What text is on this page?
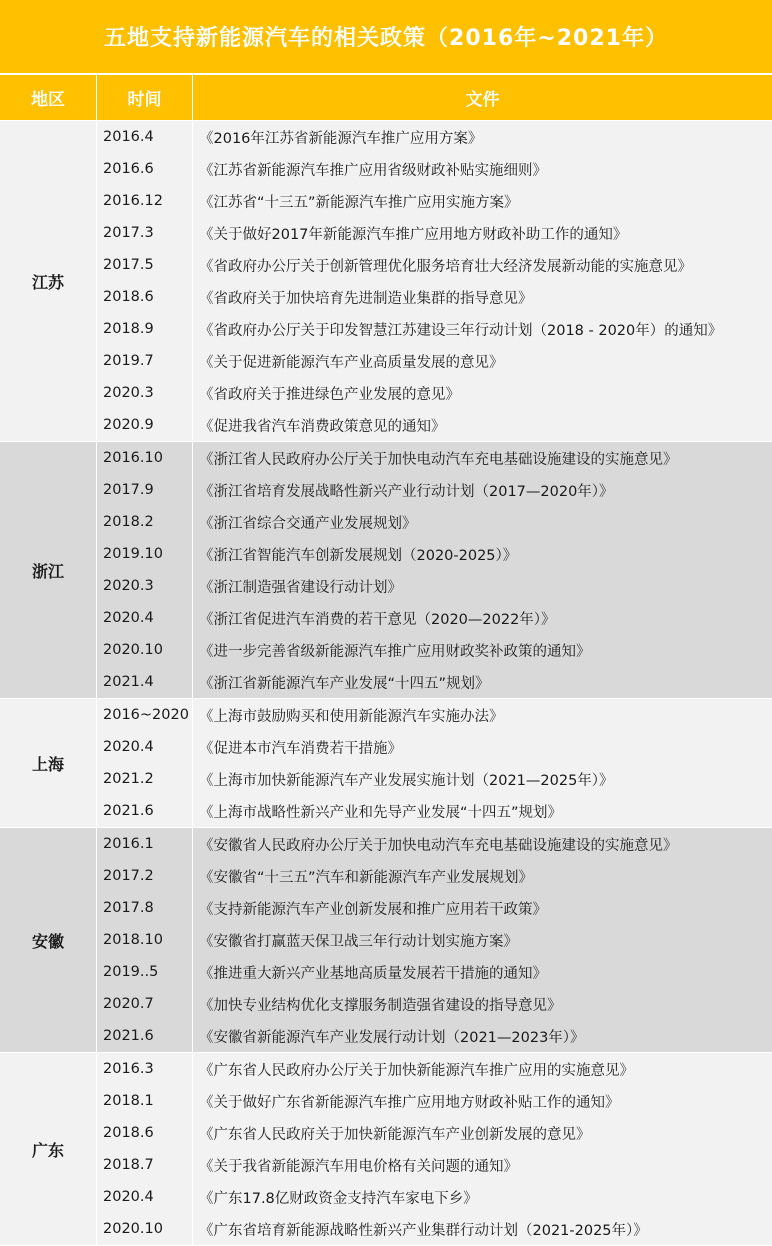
五地支持新能源汽车的相关政策（2016年~2021年）
地区	时间	文件
江苏
2016.4	《2016年江苏省新能源汽车推广应用方案》
2016.6	《江苏省新能源汽车推广应用省级财政补贴实施细则》
2016.12	《江苏省“十三五”新能源汽车推广应用实施方案》
2017.3	《关于做好2017年新能源汽车推广应用地方财政补助工作的通知》
2017.5	《省政府办公厅关于创新管理优化服务培育壮大经济发展新动能的实施意见》
2018.6	《省政府关于加快培育先进制造业集群的指导意见》
2018.9	《省政府办公厅关于印发智慧江苏建设三年行动计划（2018 - 2020年）的通知》
2019.7	《关于促进新能源汽车产业高质量发展的意见》
2020.3	《省政府关于推进绿色产业发展的意见》
2020.9	《促进我省汽车消费政策意见的通知》
浙江
2016.10	《浙江省人民政府办公厅关于加快电动汽车充电基础设施建设的实施意见》
2017.9	《浙江省培育发展战略性新兴产业行动计划（2017—2020年）》
2018.2	《浙江省综合交通产业发展规划》
2019.10	《浙江省智能汽车创新发展规划（2020-2025）》
2020.3	《浙江制造强省建设行动计划》
2020.4	《浙江省促进汽车消费的若干意见（2020—2022年）》
2020.10	《进一步完善省级新能源汽车推广应用财政奖补政策的通知》
2021.4	《浙江省新能源汽车产业发展“十四五”规划》
上海
2016~2020 《上海市鼓励购买和使用新能源汽车实施办法》
2020.4	《促进本市汽车消费若干措施》
2021.2	《上海市加快新能源汽车产业发展实施计划（2021—2025年）》
2021.6	《上海市战略性新兴产业和先导产业发展“十四五”规划》
安徽
2016.1	《安徽省人民政府办公厅关于加快电动汽车充电基础设施建设的实施意见》
2017.2	《安徽省“十三五”汽车和新能源汽车产业发展规划》
2017.8	《支持新能源汽车产业创新发展和推广应用若干政策》
2018.10	《安徽省打赢蓝天保卫战三年行动计划实施方案》
2019..5	《推进重大新兴产业基地高质量发展若干措施的通知》
2020.7	《加快专业结构优化支撑服务制造强省建设的指导意见》
2021.6	《安徽省新能源汽车产业发展行动计划（2021—2023年）》
广东
2016.3	《广东省人民政府办公厅关于加快新能源汽车推广应用的实施意见》
2018.1	《关于做好广东省新能源汽车推广应用地方财政补贴工作的通知》
2018.6	《广东省人民政府关于加快新能源汽车产业创新发展的意见》
2018.7	《关于我省新能源汽车用电价格有关问题的通知》
2020.4	《广东17.8亿财政资金支持汽车家电下乡》
2020.10	《广东省培育新能源战略性新兴产业集群行动计划（2021-2025年）》
